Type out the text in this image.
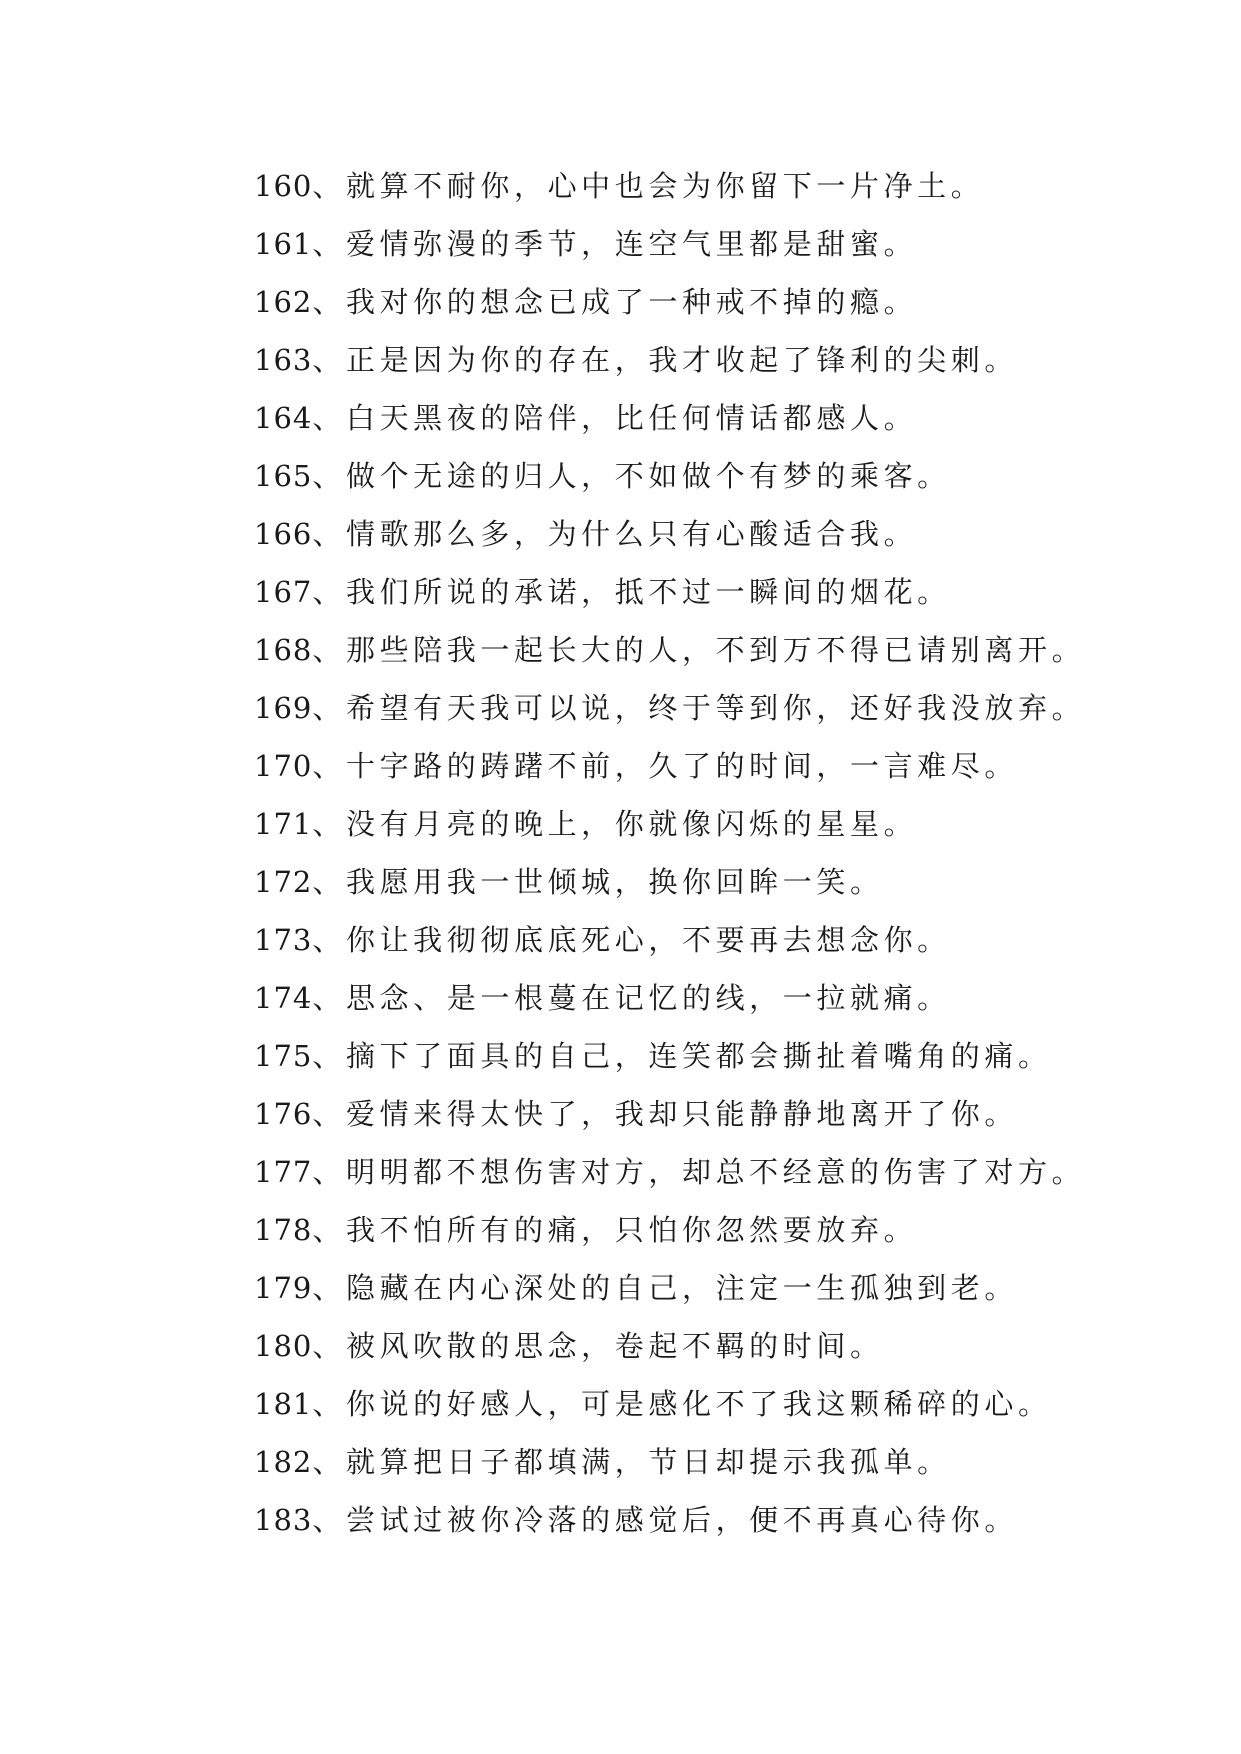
160、就算不耐你，心中也会为你留下一片净土。
161、爱情弥漫的季节，连空气里都是甜蜜。
162、我对你的想念已成了一种戒不掉的瘾。
163、正是因为你的存在，我才收起了锋利的尖刺。
164、白天黑夜的陪伴，比任何情话都感人。
165、做个无途的归人，不如做个有梦的乘客。
166、情歌那么多，为什么只有心酸适合我。
167、我们所说的承诺，抵不过一瞬间的烟花。
168、那些陪我一起长大的人，不到万不得已请别离开。
169、希望有天我可以说，终于等到你，还好我没放弃。
170、十字路的踌躇不前，久了的时间，一言难尽。
171、没有月亮的晚上，你就像闪烁的星星。
172、我愿用我一世倾城，换你回眸一笑。
173、你让我彻彻底底死心，不要再去想念你。
174、思念、是一根蔓在记忆的线，一拉就痛。
175、摘下了面具的自己，连笑都会撕扯着嘴角的痛。
176、爱情来得太快了，我却只能静静地离开了你。
177、明明都不想伤害对方，却总不经意的伤害了对方。
178、我不怕所有的痛，只怕你忽然要放弃。
179、隐藏在内心深处的自己，注定一生孤独到老。
180、被风吹散的思念，卷起不羁的时间。
181、你说的好感人，可是感化不了我这颗稀碎的心。
182、就算把日子都填满，节日却提示我孤单。
183、尝试过被你冷落的感觉后，便不再真心待你。
